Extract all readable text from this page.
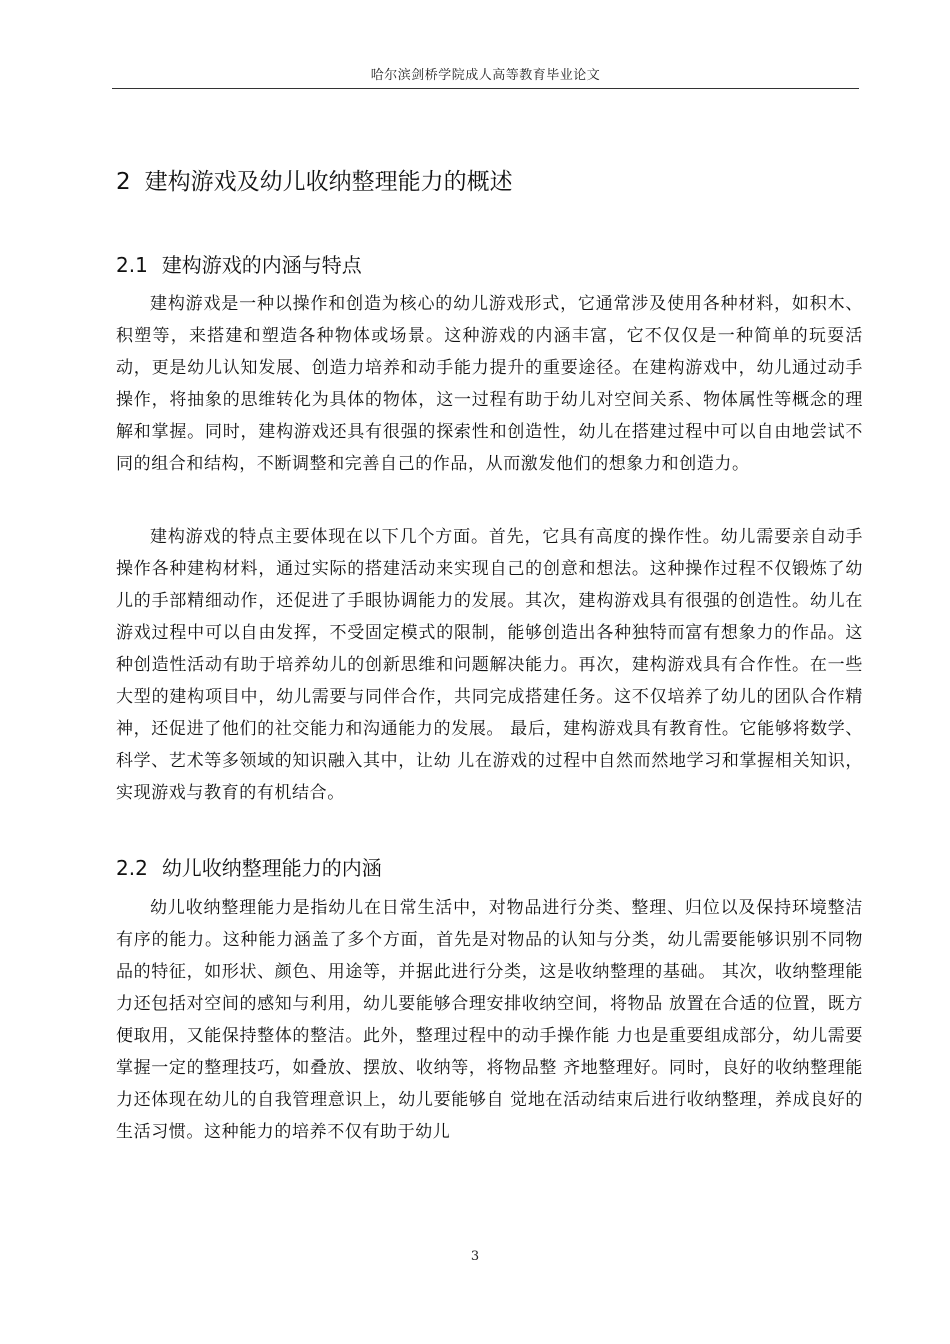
哈尔滨剑桥学院成人高等教育毕业论文
2 建构游戏及幼儿收纳整理能力的概述
2.1 建构游戏的内涵与特点

建构游戏是一种以操作和创造为核心的幼儿游戏形式，它通常涉及使用各种材料，如积木、积塑等，来搭建和塑造各种物体或场景。这种游戏的内涵丰富，它不仅仅是一种简单的玩耍活动，更是幼儿认知发展、创造力培养和动手能力提升的重要途径。在建构游戏中，幼儿通过动手操作，将抽象的思维转化为具体的物体，这一过程有助于幼儿对空间关系、物体属性等概念的理解和掌握。同时，建构游戏还具有很强的探索性和创造性，幼儿在搭建过程中可以自由地尝试不同的组合和结构，不断调整和完善自己的作品，从而激发他们的想象力和创造力。

建构游戏的特点主要体现在以下几个方面。首先，它具有高度的操作性。幼儿需要亲自动手操作各种建构材料，通过实际的搭建活动来实现自己的创意和想法。这种操作过程不仅锻炼了幼儿的手部精细动作，还促进了手眼协调能力的发展。其次，建构游戏具有很强的创造性。幼儿在游戏过程中可以自由发挥，不受固定模式的限制，能够创造出各种独特而富有想象力的作品。这种创造性活动有助于培养幼儿的创新思维和问题解决能力。再次，建构游戏具有合作性。在一些大型的建构项目中，幼儿需要与同伴合作，共同完成搭建任务。这不仅培养了幼儿的团队合作精神，还促进了他们的社交能力和沟通能力的发展。 最后，建构游戏具有教育性。它能够将数学、科学、艺术等多领域的知识融入其中，让幼 儿在游戏的过程中自然而然地学习和掌握相关知识，实现游戏与教育的有机结合。

2.2 幼儿收纳整理能力的内涵

幼儿收纳整理能力是指幼儿在日常生活中，对物品进行分类、整理、归位以及保持环境整洁有序的能力。这种能力涵盖了多个方面，首先是对物品的认知与分类，幼儿需要能够识别不同物品的特征，如形状、颜色、用途等，并据此进行分类，这是收纳整理的基础。 其次，收纳整理能力还包括对空间的感知与利用，幼儿要能够合理安排收纳空间，将物品 放置在合适的位置，既方便取用，又能保持整体的整洁。此外，整理过程中的动手操作能 力也是重要组成部分，幼儿需要掌握一定的整理技巧，如叠放、摆放、收纳等，将物品整 齐地整理好。同时，良好的收纳整理能力还体现在幼儿的自我管理意识上，幼儿要能够自 觉地在活动结束后进行收纳整理，养成良好的生活习惯。这种能力的培养不仅有助于幼儿

3
